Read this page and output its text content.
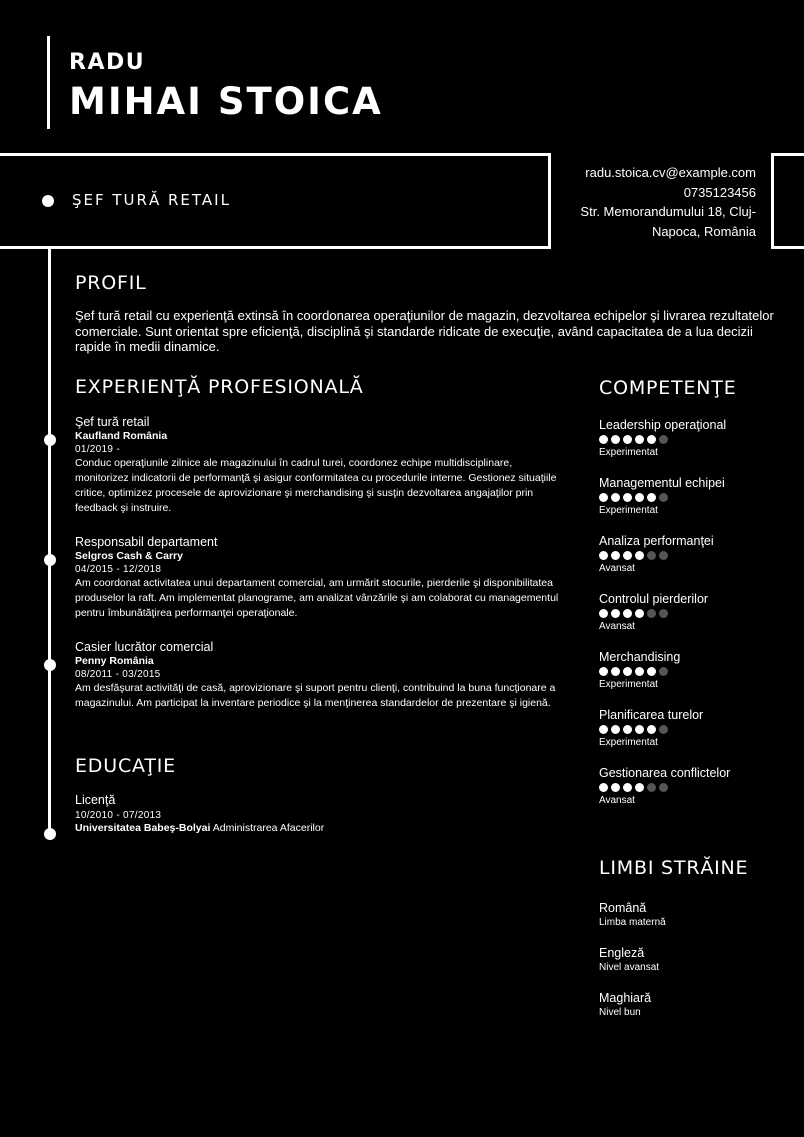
RADU
MIHAI STOICA
ŞEF TURĂ RETAIL
radu.stoica.cv@example.com
0735123456
Str. Memorandumului 18, Cluj-
Napoca, România
PROFIL
Şef tură retail cu experienţă extinsă în coordonarea operaţiunilor de magazin, dezvoltarea echipelor şi livrarea rezultatelor comerciale. Sunt orientat spre eficienţă, disciplină şi standarde ridicate de execuţie, având capacitatea de a lua decizii rapide în medii dinamice.
EXPERIENŢĂ PROFESIONALĂ
Şef tură retail
Kaufland România
01/2019 -
Conduc operaţiunile zilnice ale magazinului în cadrul turei, coordonez echipe multidisciplinare, monitorizez indicatorii de performanţă şi asigur conformitatea cu procedurile interne. Gestionez situaţiile critice, optimizez procesele de aprovizionare şi merchandising şi susţin dezvoltarea angajaţilor prin feedback şi instruire.
Responsabil departament
Selgros Cash & Carry
04/2015 - 12/2018
Am coordonat activitatea unui departament comercial, am urmărit stocurile, pierderile şi disponibilitatea produselor la raft. Am implementat planograme, am analizat vânzările şi am colaborat cu managementul pentru îmbunătăţirea performanţei operaţionale.
Casier lucrător comercial
Penny România
08/2011 - 03/2015
Am desfăşurat activităţi de casă, aprovizionare şi suport pentru clienţi, contribuind la buna funcţionare a magazinului. Am participat la inventare periodice şi la menţinerea standardelor de prezentare şi igienă.
EDUCAŢIE
Licenţă
10/2010 - 07/2013
Universitatea Babeş-Bolyai Administrarea Afacerilor
COMPETENŢE
Leadership operaţional
Experimentat
Managementul echipei
Experimentat
Analiza performanţei
Avansat
Controlul pierderilor
Avansat
Merchandising
Experimentat
Planificarea turelor
Experimentat
Gestionarea conflictelor
Avansat
LIMBI STRĂINE
Română
Limba maternă
Engleză
Nivel avansat
Maghiară
Nivel bun
